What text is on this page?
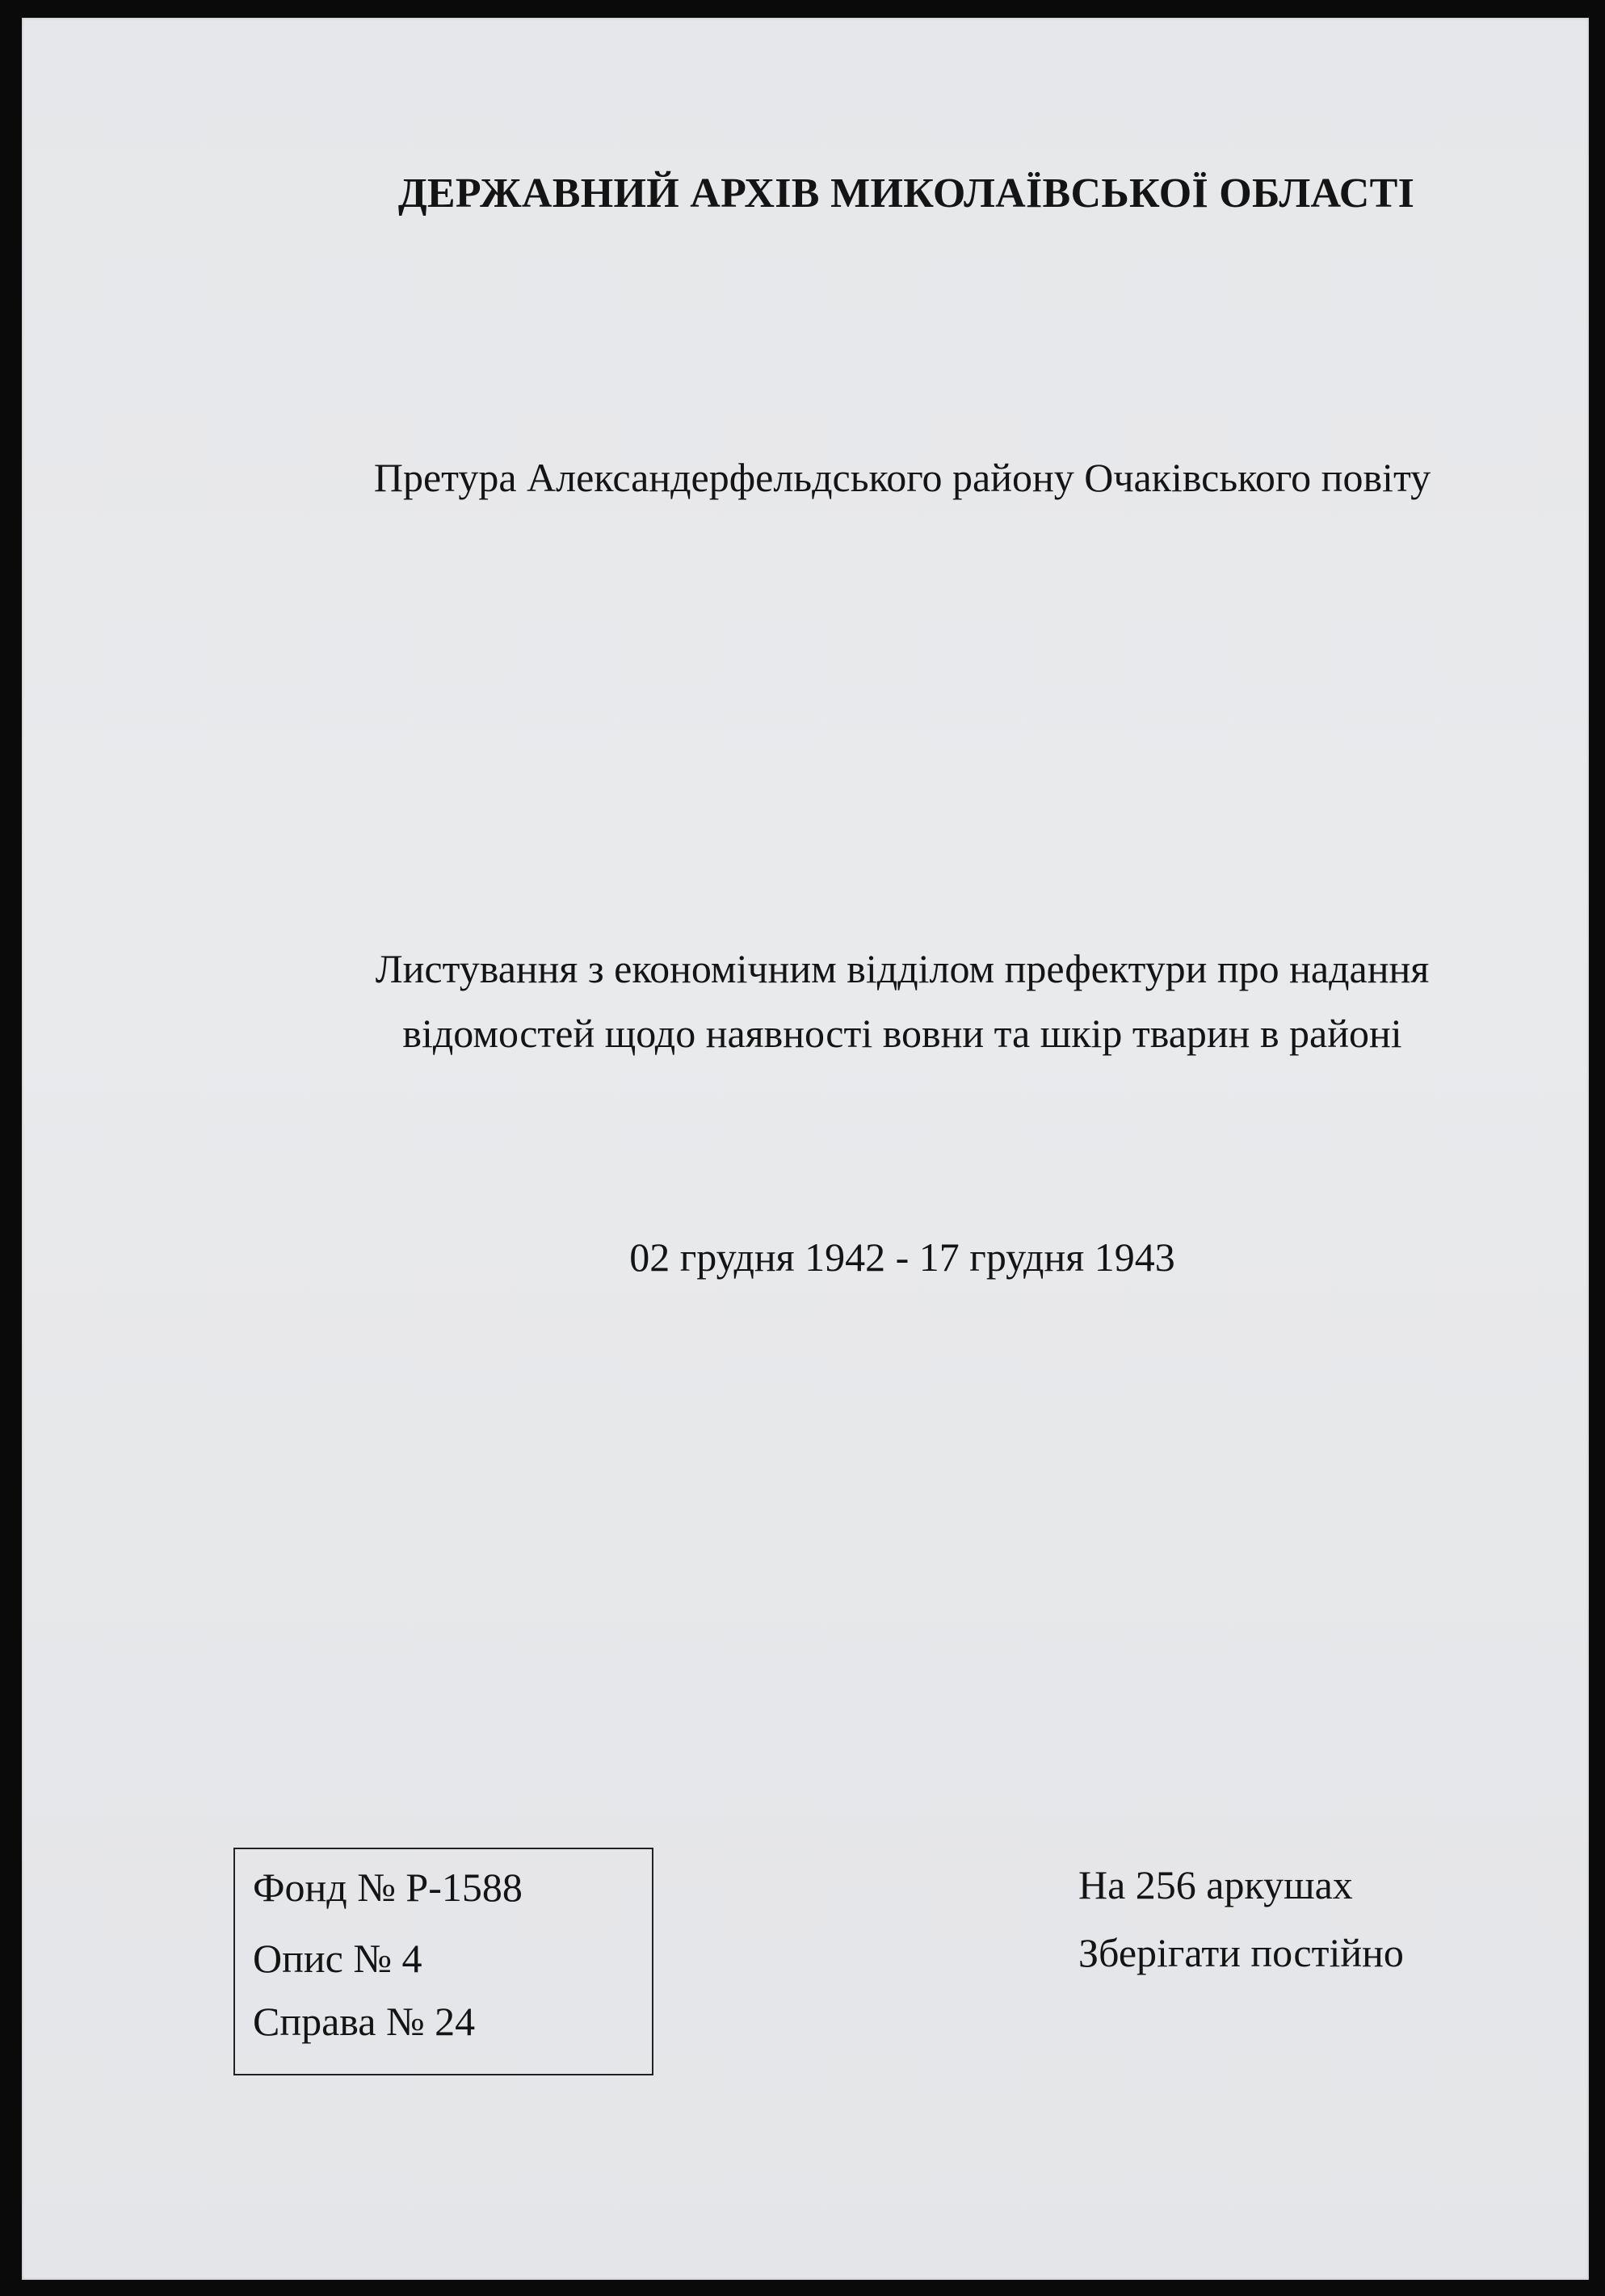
ДЕРЖАВНИЙ АРХІВ МИКОЛАЇВСЬКОЇ ОБЛАСТІ
Претура Александерфельдського району Очаківського повіту
Листування з економічним відділом префектури про надання
відомостей щодо наявності вовни та шкір тварин в районі
02 грудня 1942 - 17 грудня 1943
Фонд № Р-1588
Опис № 4
Справа № 24
На 256 аркушах
Зберігати постійно
